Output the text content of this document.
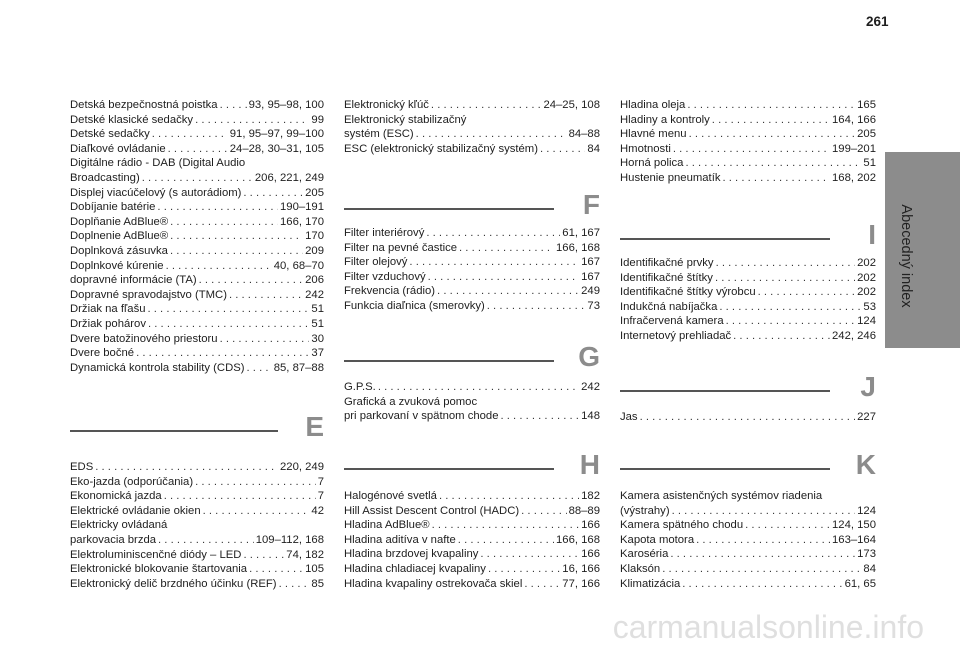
261
Abecedný index
Detská bezpečnostná poistka . . .	93, 95–98, 100
Detské klasické sedačky . . .	99
Detské sedačky . . .	91, 95–97, 99–100
Diaľkové ovládanie . . .	24–28, 30–31, 105
Digitálne rádio - DAB (Digital Audio
Broadcasting) . . .	206, 221, 249
Displej viacúčelový (s autorádiom) . . .	205
Dobíjanie batérie . . .	190–191
Doplňanie AdBlue® . . .	166, 170
Doplnenie AdBlue® . . .	170
Doplnková zásuvka . . .	209
Doplnkové kúrenie . . .	40, 68–70
dopravné informácie (TA) . . .	206
Dopravné spravodajstvo (TMC) . . .	242
Držiak na fľašu . . .	51
Držiak pohárov . . .	51
Dvere batožinového priestoru . . .	30
Dvere bočné . . .	37
Dynamická kontrola stability (CDS) . . .	85, 87–88
E
EDS . . .	220, 249
Eko-jazda (odporúčania) . . .	7
Ekonomická jazda . . .	7
Elektrické ovládanie okien . . .	42
Elektricky ovládaná
parkovacia brzda . . .	109–112, 168
Elektroluminiscenčné diódy – LED . . .	74, 182
Elektronické blokovanie štartovania . . .	105
Elektronický delič brzdného účinku (REF) . . .	85
Elektronický kľúč . . .	24–25, 108
Elektronický stabilizačný
systém (ESC) . . .	84–88
ESC (elektronický stabilizačný systém) . . .	84
F
Filter interiérový . . .	61, 167
Filter na pevné častice . . .	166, 168
Filter olejový . . .	167
Filter vzduchový . . .	167
Frekvencia (rádio) . . .	249
Funkcia diaľnica (smerovky) . . .	73
G
G.P.S. . . .	242
Grafická a zvuková pomoc
pri parkovaní v spätnom chode . . .	148
H
Halogénové svetlá . . .	182
Hill Assist Descent Control (HADC) . . .	88–89
Hladina AdBlue® . . .	166
Hladina aditíva v nafte . . .	166, 168
Hladina brzdovej kvapaliny . . .	166
Hladina chladiacej kvapaliny . . .	16, 166
Hladina kvapaliny ostrekovača skiel . . .	77, 166
Hladina oleja . . .	165
Hladiny a kontroly . . .	164, 166
Hlavné menu . . .	205
Hmotnosti . . .	199–201
Horná polica . . .	51
Hustenie pneumatík . . .	168, 202
I
Identifikačné prvky . . .	202
Identifikačné štítky . . .	202
Identifikačné štítky výrobcu . . .	202
Indukčná nabíjačka . . .	53
Infračervená kamera . . .	124
Internetový prehliadač . . .	242, 246
J
Jas . . .	227
K
Kamera asistenčných systémov riadenia
(výstrahy) . . .	124
Kamera spätného chodu . . .	124, 150
Kapota motora . . .	163–164
Karoséria . . .	173
Klaksón . . .	84
Klimatizácia . . .	61, 65
carmanualsonline.info
